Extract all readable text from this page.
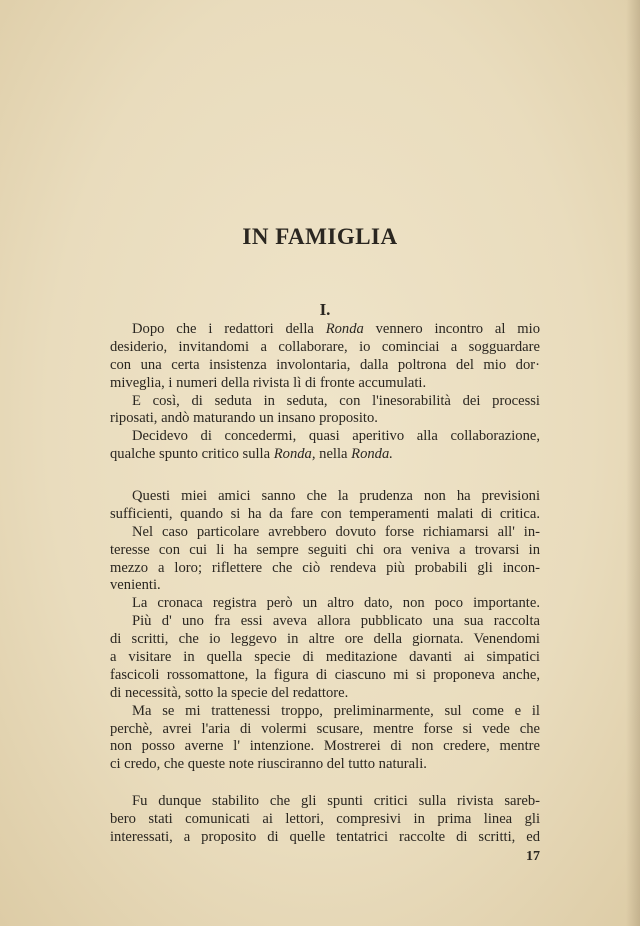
IN FAMIGLIA
I.
Dopo che i redattori della Ronda vennero incontro al mio
desiderio, invitandomi a collaborare, io cominciai a sogguardare
con una certa insistenza involontaria, dalla poltrona del mio dor·
miveglia, i numeri della rivista lì di fronte accumulati.
E così, di seduta in seduta, con l'inesorabilità dei processi
riposati, andò maturando un insano proposito.
Decidevo di concedermi, quasi aperitivo alla collaborazione,
qualche spunto critico sulla Ronda, nella Ronda.
Questi miei amici sanno che la prudenza non ha previsioni
sufficienti, quando si ha da fare con temperamenti malati di critica.
Nel caso particolare avrebbero dovuto forse richiamarsi all' in-
teresse con cui li ha sempre seguiti chi ora veniva a trovarsi in
mezzo a loro; riflettere che ciò rendeva più probabili gli incon-
venienti.
La cronaca registra però un altro dato, non poco importante.
Più d' uno fra essi aveva allora pubblicato una sua raccolta
di scritti, che io leggevo in altre ore della giornata. Venendomi
a visitare in quella specie di meditazione davanti ai simpatici
fascicoli rossomattone, la figura di ciascuno mi si proponeva anche,
di necessità, sotto la specie del redattore.
Ma se mi trattenessi troppo, preliminarmente, sul come e il
perchè, avrei l'aria di volermi scusare, mentre forse si vede che
non posso averne l' intenzione. Mostrerei di non credere, mentre
ci credo, che queste note riusciranno del tutto naturali.
Fu dunque stabilito che gli spunti critici sulla rivista sareb-
bero stati comunicati ai lettori, compresivi in prima linea gli
interessati, a proposito di quelle tentatrici raccolte di scritti, ed
17
